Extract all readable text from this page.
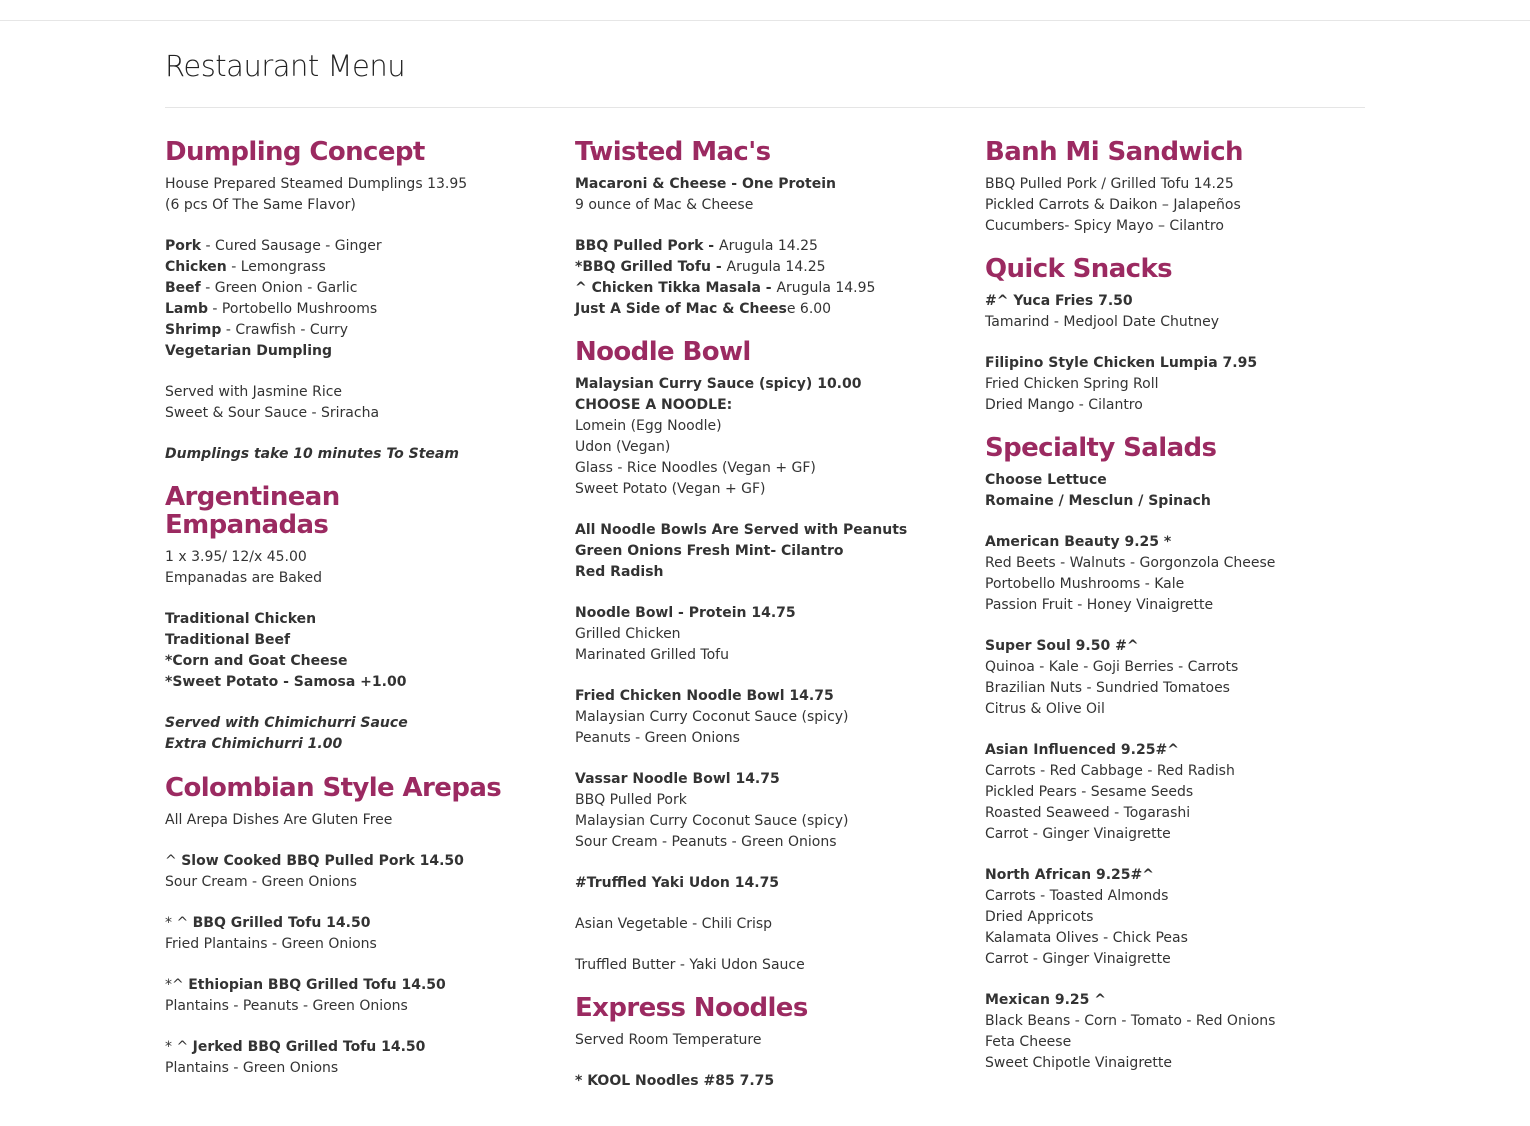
Restaurant Menu
Dumpling Concept
House Prepared Steamed Dumplings 13.95
(6 pcs Of The Same Flavor)
Pork - Cured Sausage - Ginger
Chicken - Lemongrass
Beef - Green Onion - Garlic
Lamb - Portobello Mushrooms
Shrimp - Crawfish - Curry
Vegetarian Dumpling
Served with Jasmine Rice
Sweet & Sour Sauce - Sriracha
Dumplings take 10 minutes To Steam
Argentinean
Empanadas
1 x 3.95/ 12/x 45.00
Empanadas are Baked
Traditional Chicken
Traditional Beef
*Corn and Goat Cheese
*Sweet Potato - Samosa +1.00
Served with Chimichurri Sauce
Extra Chimichurri 1.00
Colombian Style Arepas
All Arepa Dishes Are Gluten Free
^ Slow Cooked BBQ Pulled Pork 14.50
Sour Cream - Green Onions
* ^ BBQ Grilled Tofu 14.50
Fried Plantains - Green Onions
*^ Ethiopian BBQ Grilled Tofu 14.50
Plantains - Peanuts - Green Onions
* ^ Jerked BBQ Grilled Tofu 14.50
Plantains - Green Onions
Twisted Mac's
Macaroni & Cheese - One Protein
9 ounce of Mac & Cheese
BBQ Pulled Pork - Arugula 14.25
*BBQ Grilled Tofu - Arugula 14.25
^ Chicken Tikka Masala - Arugula 14.95
Just A Side of Mac & Cheese 6.00
Noodle Bowl
Malaysian Curry Sauce (spicy) 10.00
CHOOSE A NOODLE:
Lomein (Egg Noodle)
Udon (Vegan)
Glass - Rice Noodles (Vegan + GF)
Sweet Potato (Vegan + GF)
All Noodle Bowls Are Served with Peanuts
Green Onions Fresh Mint- Cilantro
Red Radish
Noodle Bowl - Protein 14.75
Grilled Chicken
Marinated Grilled Tofu
Fried Chicken Noodle Bowl 14.75
Malaysian Curry Coconut Sauce (spicy)
Peanuts - Green Onions
Vassar Noodle Bowl 14.75
BBQ Pulled Pork
Malaysian Curry Coconut Sauce (spicy)
Sour Cream - Peanuts - Green Onions
#Truffled Yaki Udon 14.75
Asian Vegetable - Chili Crisp
Truffled Butter - Yaki Udon Sauce
Express Noodles
Served Room Temperature
* KOOL Noodles #85 7.75
Banh Mi Sandwich
BBQ Pulled Pork / Grilled Tofu 14.25
Pickled Carrots & Daikon – Jalapeños
Cucumbers- Spicy Mayo – Cilantro
Quick Snacks
#^ Yuca Fries 7.50
Tamarind - Medjool Date Chutney
Filipino Style Chicken Lumpia 7.95
Fried Chicken Spring Roll
Dried Mango - Cilantro
Specialty Salads
Choose Lettuce
Romaine / Mesclun / Spinach
American Beauty 9.25 *
Red Beets - Walnuts - Gorgonzola Cheese
Portobello Mushrooms - Kale
Passion Fruit - Honey Vinaigrette
Super Soul 9.50 #^
Quinoa - Kale - Goji Berries - Carrots
Brazilian Nuts - Sundried Tomatoes
Citrus & Olive Oil
Asian Influenced 9.25#^
Carrots - Red Cabbage - Red Radish
Pickled Pears - Sesame Seeds
Roasted Seaweed - Togarashi
Carrot - Ginger Vinaigrette
North African 9.25#^
Carrots - Toasted Almonds
Dried Appricots
Kalamata Olives - Chick Peas
Carrot - Ginger Vinaigrette
Mexican 9.25 ^
Black Beans - Corn - Tomato - Red Onions
Feta Cheese
Sweet Chipotle Vinaigrette
